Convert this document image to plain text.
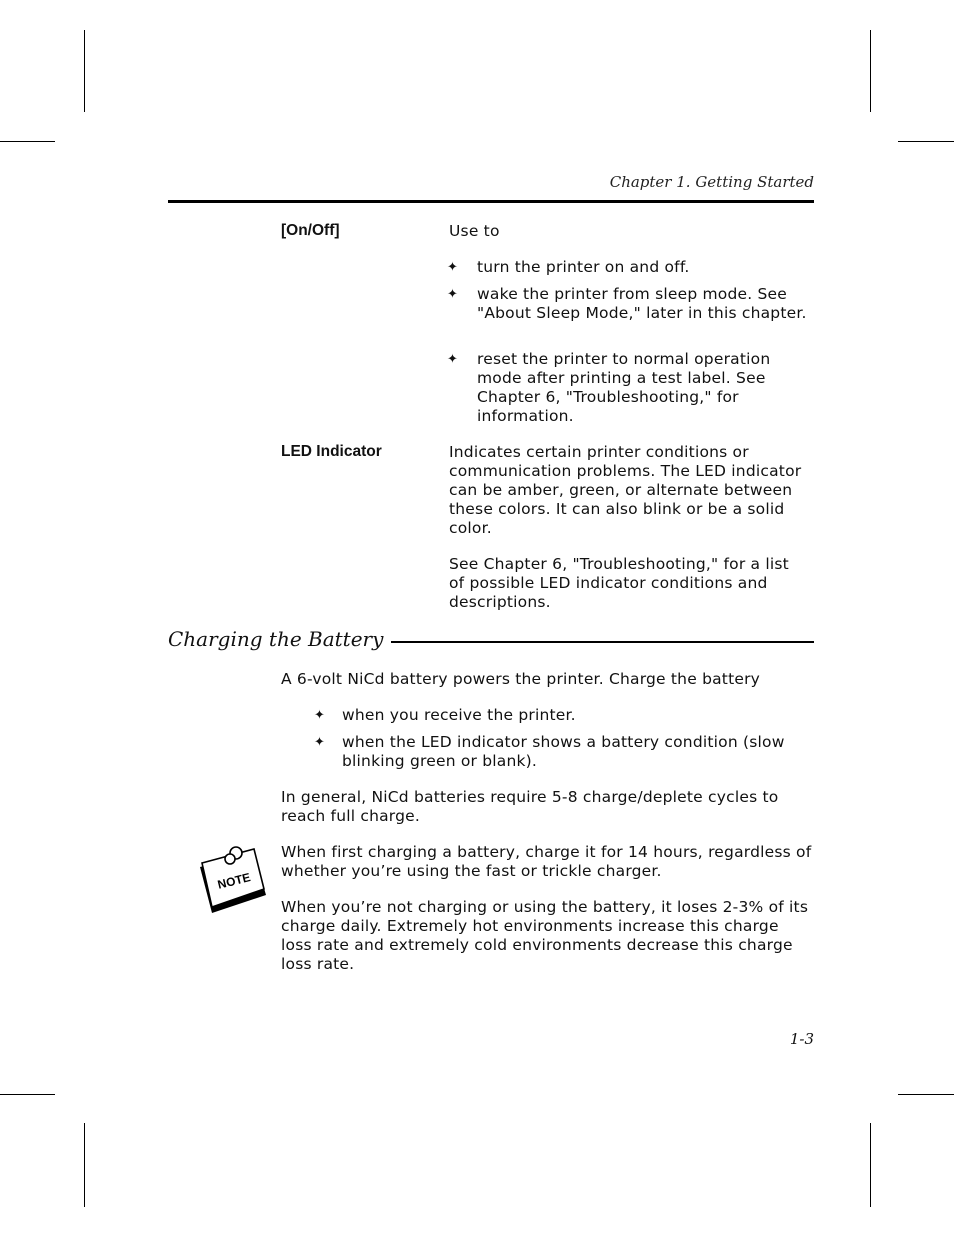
Chapter 1. Getting Started
[On/Off]	Use to
✦ turn the printer on and off.
✦ wake the printer from sleep mode. See "About Sleep Mode," later in this chapter.
✦ reset the printer to normal operation mode after printing a test label. See Chapter 6, "Troubleshooting," for information.
LED Indicator	Indicates certain printer conditions or communication problems. The LED indicator can be amber, green, or alternate between these colors. It can also blink or be a solid color.
See Chapter 6, "Troubleshooting," for a list of possible LED indicator conditions and descriptions.
Charging the Battery
A 6-volt NiCd battery powers the printer. Charge the battery
✦ when you receive the printer.
✦ when the LED indicator shows a battery condition (slow blinking green or blank).
In general, NiCd batteries require 5-8 charge/deplete cycles to reach full charge.
NOTE
When first charging a battery, charge it for 14 hours, regardless of whether you’re using the fast or trickle charger.
When you’re not charging or using the battery, it loses 2-3% of its charge daily. Extremely hot environments increase this charge loss rate and extremely cold environments decrease this charge loss rate.
1-3
